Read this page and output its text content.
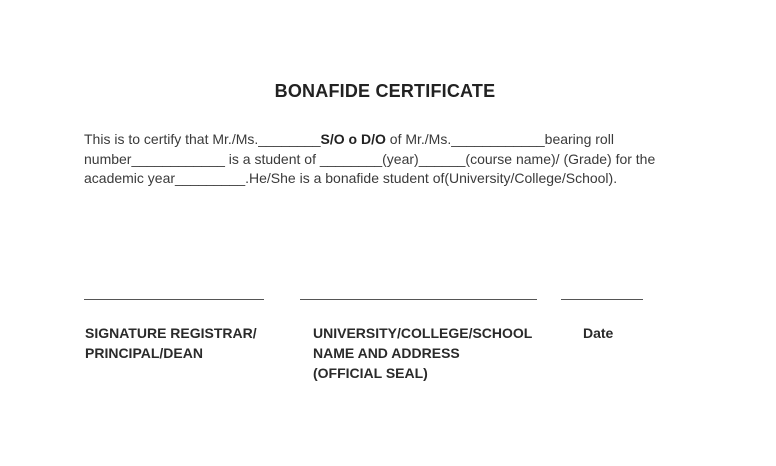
BONAFIDE CERTIFICATE
This is to certify that Mr./Ms.________S/O o D/O of Mr./Ms.____________bearing roll
number____________ is a student of ________(year)______(course name)/ (Grade) for the
academic year_________.He/She is a bonafide student of(University/College/School).
SIGNATURE REGISTRAR/
PRINCIPAL/DEAN
UNIVERSITY/COLLEGE/SCHOOL
NAME AND ADDRESS
(OFFICIAL SEAL)
Date
